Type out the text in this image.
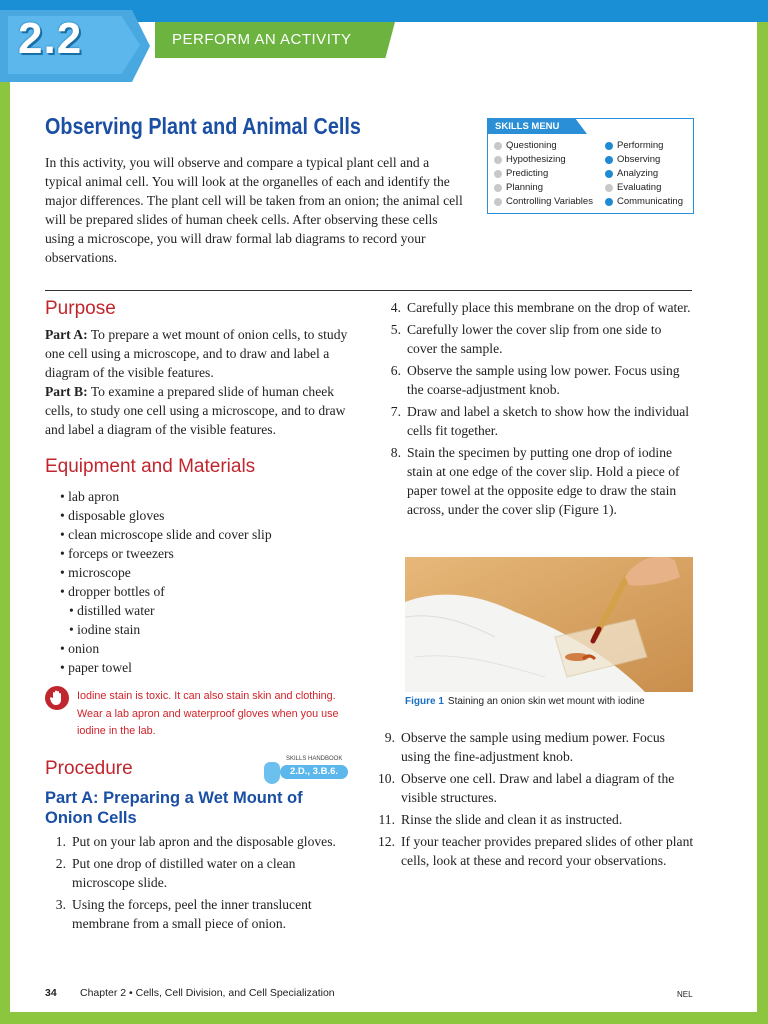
2.2	PERFORM AN ACTIVITY
Observing Plant and Animal Cells
In this activity, you will observe and compare a typical plant cell and a typical animal cell. You will look at the organelles of each and identify the major differences. The plant cell will be taken from an onion; the animal cell will be prepared slides of human cheek cells. After observing these cells using a microscope, you will draw formal lab diagrams to record your observations.
SKILLS MENU
Questioning
Hypothesizing
Predicting
Planning
Controlling Variables
Performing
Observing
Analyzing
Evaluating
Communicating
Purpose
Part A: To prepare a wet mount of onion cells, to study one cell using a microscope, and to draw and label a diagram of the visible features.
Part B: To examine a prepared slide of human cheek cells, to study one cell using a microscope, and to draw and label a diagram of the visible features.
Equipment and Materials
• lab apron
• disposable gloves
• clean microscope slide and cover slip
• forceps or tweezers
• microscope
• dropper bottles of
• distilled water
• iodine stain
• onion
• paper towel
Iodine stain is toxic. It can also stain skin and clothing. Wear a lab apron and waterproof gloves when you use iodine in the lab.
Procedure	SKILLS HANDBOOK
2.D., 3.B.6.
Part A: Preparing a Wet Mount of Onion Cells
1. Put on your lab apron and the disposable gloves.
2. Put one drop of distilled water on a clean microscope slide.
3. Using the forceps, peel the inner translucent membrane from a small piece of onion.
4. Carefully place this membrane on the drop of water.
5. Carefully lower the cover slip from one side to cover the sample.
6. Observe the sample using low power. Focus using the coarse-adjustment knob.
7. Draw and label a sketch to show how the individual cells fit together.
8. Stain the specimen by putting one drop of iodine stain at one edge of the cover slip. Hold a piece of paper towel at the opposite edge to draw the stain across, under the cover slip (Figure 1).
Figure 1 Staining an onion skin wet mount with iodine
9. Observe the sample using medium power. Focus using the fine-adjustment knob.
10. Observe one cell. Draw and label a diagram of the visible structures.
11. Rinse the slide and clean it as instructed.
12. If your teacher provides prepared slides of other plant cells, look at these and record your observations.
34 Chapter 2 • Cells, Cell Division, and Cell Specialization	NEL
